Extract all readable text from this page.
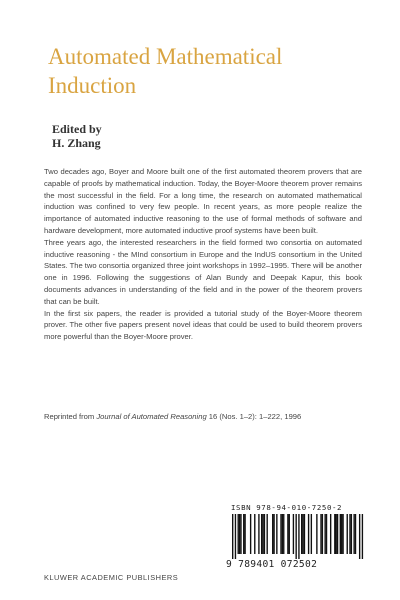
Automated Mathematical
Induction
Edited by
H. Zhang

Two decades ago, Boyer and Moore built one of the first automated theorem provers that are capable of proofs by mathematical induction. Today, the Boyer-Moore theorem prover remains the most successful in the field. For a long time, the research on automated mathematical induction was confined to very few people. In recent years, as more people realize the importance of automated inductive reasoning to the use of formal methods of software and hardware development, more automated inductive proof systems have been built.

Three years ago, the interested researchers in the field formed two consortia on automated inductive reasoning - the MInd consortium in Europe and the IndUS consortium in the United States. The two consortia organized three joint workshops in 1992–1995. There will be another one in 1996. Following the suggestions of Alan Bundy and Deepak Kapur, this book documents advances in understanding of the field and in the power of the theorem provers that can be built.

In the first six papers, the reader is provided a tutorial study of the Boyer-Moore theorem prover. The other five papers present novel ideas that could be used to build theorem provers more powerful than the Boyer-Moore prover.

Reprinted from Journal of Automated Reasoning 16 (Nos. 1–2): 1–222, 1996
ISBN 978-94-010-7250-2
9 789401 072502
KLUWER ACADEMIC PUBLISHERS
